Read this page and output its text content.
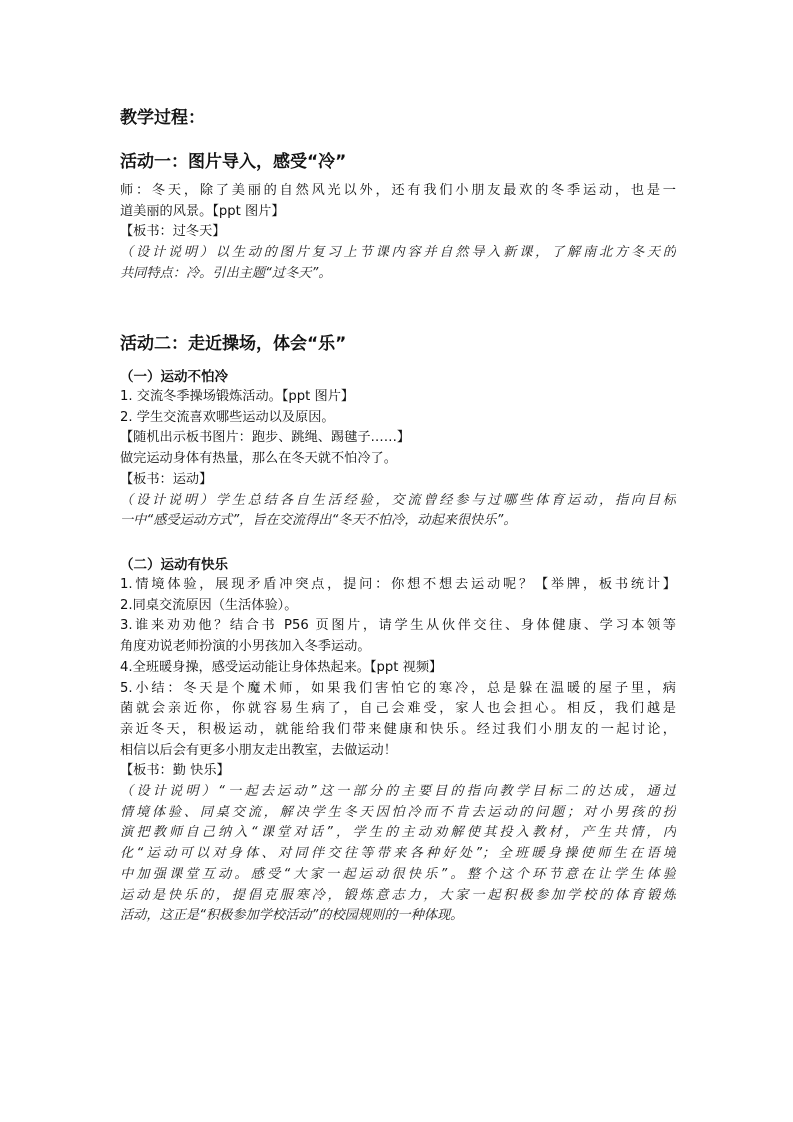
教学过程：
活动一：图片导入，感受“冷”
师：冬天，除了美丽的自然风光以外，还有我们小朋友最欢的冬季运动，也是一
道美丽的风景。【ppt 图片】
【板书：过冬天】
（设计说明）以生动的图片复习上节课内容并自然导入新课，了解南北方冬天的
共同特点：冷。引出主题“过冬天”。
活动二：走近操场，体会“乐”
（一）运动不怕冷
1. 交流冬季操场锻炼活动。【ppt 图片】
2. 学生交流喜欢哪些运动以及原因。
【随机出示板书图片：跑步、跳绳、踢毽子……】
做完运动身体有热量，那么在冬天就不怕冷了。
【板书：运动】
（设计说明）学生总结各自生活经验，交流曾经参与过哪些体育运动，指向目标
一中“感受运动方式”，旨在交流得出“冬天不怕冷，动起来很快乐”。
（二）运动有快乐
1.情境体验，展现矛盾冲突点，提问：你想不想去运动呢？【举牌，板书统计】
2.同桌交流原因（生活体验）。
3.谁来劝劝他？结合书 P56 页图片，请学生从伙伴交往、身体健康、学习本领等
角度劝说老师扮演的小男孩加入冬季运动。
4.全班暖身操，感受运动能让身体热起来。【ppt 视频】
5.小结：冬天是个魔术师，如果我们害怕它的寒冷，总是躲在温暖的屋子里，病
菌就会亲近你，你就容易生病了，自己会难受，家人也会担心。相反，我们越是
亲近冬天，积极运动，就能给我们带来健康和快乐。经过我们小朋友的一起讨论，
相信以后会有更多小朋友走出教室，去做运动！
【板书：勤 快乐】
（设计说明）“一起去运动”这一部分的主要目的指向教学目标二的达成，通过
情境体验、同桌交流，解决学生冬天因怕冷而不肯去运动的问题；对小男孩的扮
演把教师自己纳入“课堂对话”，学生的主动劝解使其投入教材，产生共情，内
化“运动可以对身体、对同伴交往等带来各种好处”；全班暖身操使师生在语境
中加强课堂互动。感受“大家一起运动很快乐”。整个这个环节意在让学生体验
运动是快乐的，提倡克服寒冷，锻炼意志力，大家一起积极参加学校的体育锻炼
活动，这正是“积极参加学校活动”的校园规则的一种体现。
